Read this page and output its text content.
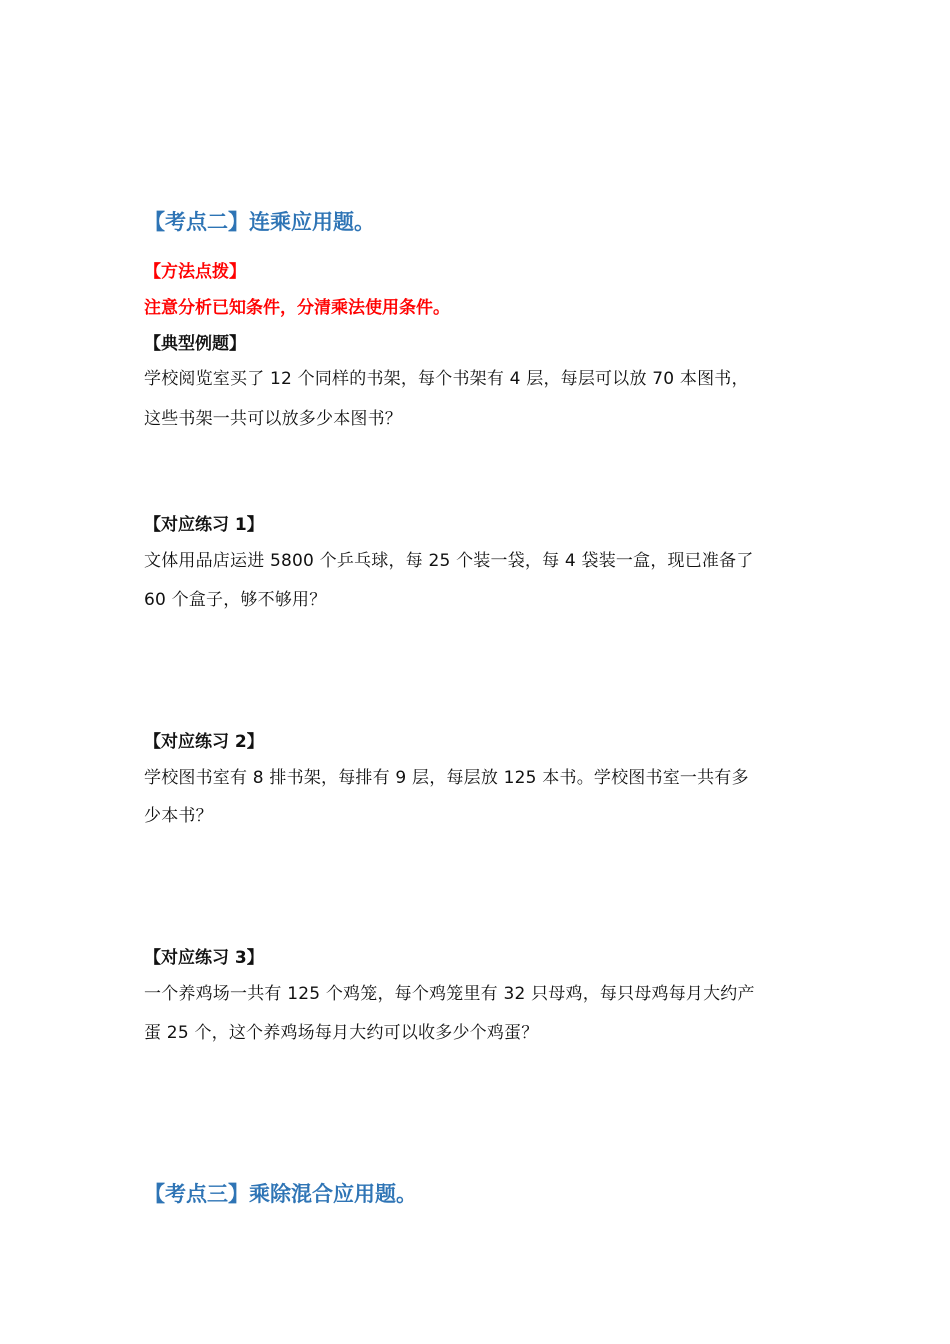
【考点二】连乘应用题。
【方法点拨】
注意分析已知条件，分清乘法使用条件。
【典型例题】
学校阅览室买了 12 个同样的书架，每个书架有 4 层，每层可以放 70 本图书，
这些书架一共可以放多少本图书？
【对应练习 1】
文体用品店运进 5800 个乒乓球，每 25 个装一袋，每 4 袋装一盒，现已准备了
60 个盒子，够不够用？
【对应练习 2】
学校图书室有 8 排书架，每排有 9 层，每层放 125 本书。学校图书室一共有多
少本书？
【对应练习 3】
一个养鸡场一共有 125 个鸡笼，每个鸡笼里有 32 只母鸡，每只母鸡每月大约产
蛋 25 个，这个养鸡场每月大约可以收多少个鸡蛋？
【考点三】乘除混合应用题。
